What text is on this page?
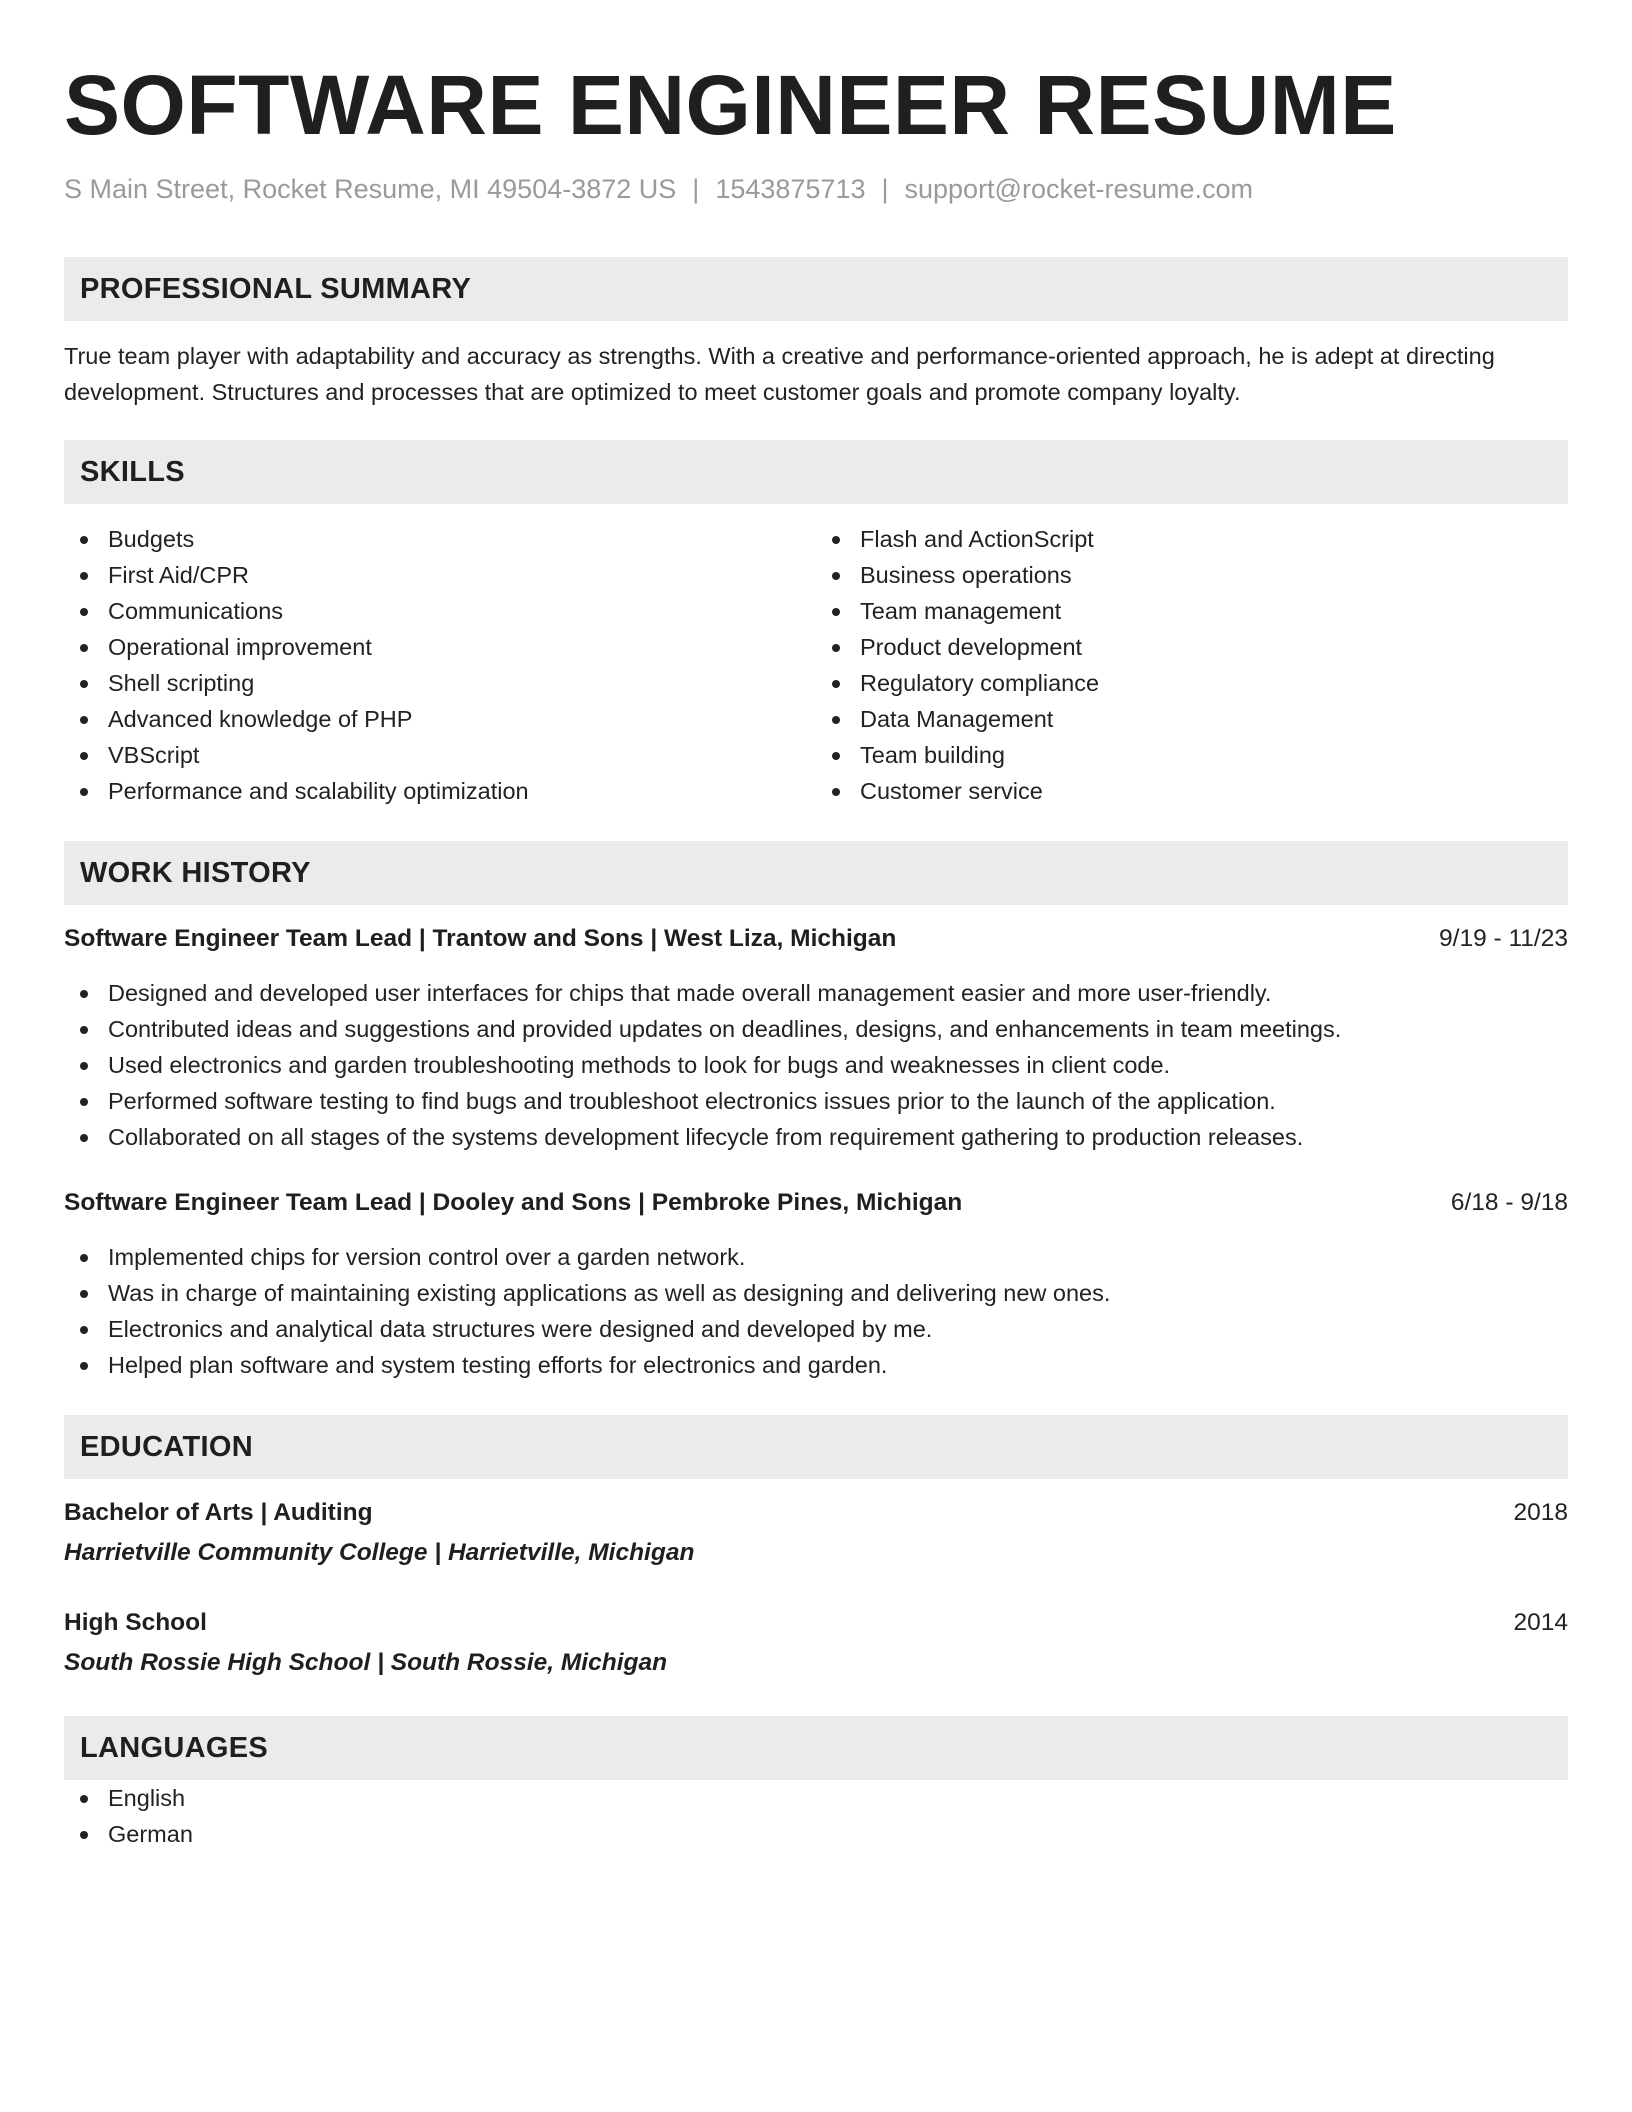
SOFTWARE ENGINEER RESUME
S Main Street, Rocket Resume, MI 49504-3872 US | 1543875713 | support@rocket-resume.com
PROFESSIONAL SUMMARY

True team player with adaptability and accuracy as strengths. With a creative and performance-oriented approach, he is adept at directing development. Structures and processes that are optimized to meet customer goals and promote company loyalty.

SKILLS
Budgets
First Aid/CPR
Communications
Operational improvement
Shell scripting
Advanced knowledge of PHP
VBScript
Performance and scalability optimization
Flash and ActionScript
Business operations
Team management
Product development
Regulatory compliance
Data Management
Team building
Customer service
WORK HISTORY
Software Engineer Team Lead | Trantow and Sons | West Liza, Michigan	9/19 - 11/23
Designed and developed user interfaces for chips that made overall management easier and more user-friendly.
Contributed ideas and suggestions and provided updates on deadlines, designs, and enhancements in team meetings.
Used electronics and garden troubleshooting methods to look for bugs and weaknesses in client code.
Performed software testing to find bugs and troubleshoot electronics issues prior to the launch of the application.
Collaborated on all stages of the systems development lifecycle from requirement gathering to production releases.
Software Engineer Team Lead | Dooley and Sons | Pembroke Pines, Michigan	6/18 - 9/18
Implemented chips for version control over a garden network.
Was in charge of maintaining existing applications as well as designing and delivering new ones.
Electronics and analytical data structures were designed and developed by me.
Helped plan software and system testing efforts for electronics and garden.
EDUCATION
Bachelor of Arts | Auditing	2018
Harrietville Community College | Harrietville, Michigan
High School	2014
South Rossie High School | South Rossie, Michigan
LANGUAGES
English
German
